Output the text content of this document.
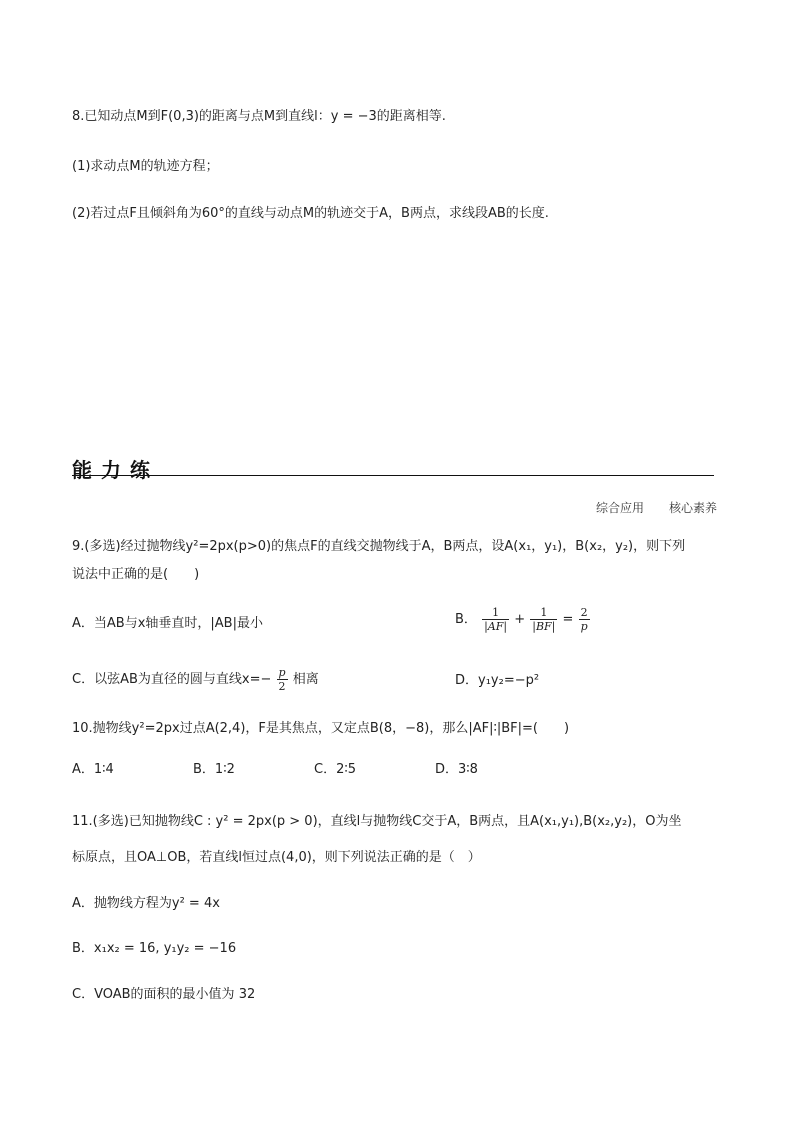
8.已知动点M到F(0,3)的距离与点M到直线l：y = −3的距离相等.
(1)求动点M的轨迹方程；
(2)若过点F且倾斜角为60°的直线与动点M的轨迹交于A，B两点，求线段AB的长度.
能力练
综合应用 核心素养
9.(多选)经过抛物线y²=2px(p>0)的焦点F的直线交抛物线于A，B两点，设A(x₁，y₁)，B(x₂，y₂)，则下列
说法中正确的是(　　)
A．当AB与x轴垂直时，|AB|最小	B． $\frac{1}{|AF|} + \frac{1}{|BF|} = \frac{2}{p}$
C．以弦AB为直径的圆与直线$x=- \frac{p}{2}$ 相离	D．y₁y₂=−p²
10.抛物线y²=2px过点A(2,4)，F是其焦点，又定点B(8，−8)，那么|AF|∶|BF|=(　　)
A．1∶4	B．1∶2	C．2∶5	D．3∶8
11.(多选)已知抛物线C : y² = 2px(p > 0)，直线l与抛物线C交于A，B两点，且A(x₁,y₁),B(x₂,y₂)，O为坐
标原点，且OA⊥OB，若直线l恒过点(4,0)，则下列说法正确的是（　）
A．抛物线方程为y² = 4x
B．x₁x₂ = 16, y₁y₂ = −16
C．VOAB的面积的最小值为 32
